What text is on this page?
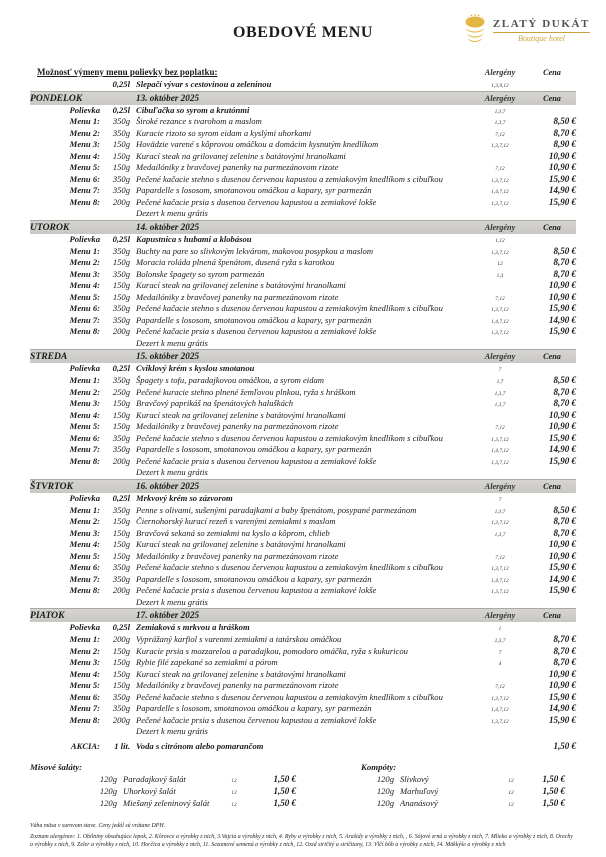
OBEDOVÉ MENU
ZLATÝ DUKÁT
Boutique hotel
Možnosť výmeny menu polievky bez poplatku:	Alergény	Cena
0,25l Slepačí vývar s cestovinou a zeleninou	1,3,9,12
PONDELOK	13. október 2025	Alergény	Cena
Polievka	0,25l Cibuľačka so syrom a krutónmi	1,3,7
Menu 1:	350g Široké rezance s tvarohom a maslom	1,3,7	8,50 €
Menu 2:	350g Kuracie rizoto so syrom eidam a kyslými uhorkami	7,12	8,70 €
Menu 3:	150g Hovädzie varené s kôprovou omáčkou a domácim kysnutým knedlíkom	1,3,7,12	8,90 €
Menu 4:	150g Kurací steak na grilovanej zelenine s batátovými hranolkami	10,90 €
Menu 5:	150g Medailóniky z bravčovej panenky na parmezánovom rizote	7,12	10,90 €
Menu 6:	350g Pečené kačacie stehno s dusenou červenou kapustou a zemiakovým knedlíkom s cibuľkou	1,3,7,12	15,90 €
Menu 7:	350g Papardelle s lososom, smotanovou omáčkou a kapary, syr parmezán	1,4,7,12	14,90 €
Menu 8:	200g Pečené kačacie prsia s dusenou červenou kapustou a zemiakové lokše	1,3,7,12	15,90 €
Dezert k menu grátis
UTOROK	14. október 2025	Alergény	Cena
Polievka	0,25l Kapustnica s hubami a klobásou	1,12
Menu 1:	350g Buchty na pare so slivkovým lekvárom, makovou posypkou a maslom	1,3,7,12	8,50 €
Menu 2:	150g Moracia roláda plnená špenátom, dusená ryža s karotkou	12	8,70 €
Menu 3:	350g Bolonske špagety so syrom parmezán	1,3	8,70 €
Menu 4:	150g Kurací steak na grilovanej zelenine s batátovými hranolkami	10,90 €
Menu 5:	150g Medailóniky z bravčovej panenky na parmezánovom rizote	7,12	10,90 €
Menu 6:	350g Pečené kačacie stehno s dusenou červenou kapustou a zemiakovým knedlíkom s cibuľkou	1,3,7,12	15,90 €
Menu 7:	350g Papardelle s lososom, smotanovou omáčkou a kapary, syr parmezán	1,4,7,12	14,90 €
Menu 8:	200g Pečené kačacie prsia s dusenou červenou kapustou a zemiakové lokše	1,3,7,12	15,90 €
Dezert k menu grátis
STREDA	15. október 2025	Alergény	Cena
Polievka	0,25l Cviklový krém s kyslou smotanou	7
Menu 1:	350g Špagety s tofu, paradajkovou omáčkou, a syrom eidam	1,7	8,50 €
Menu 2:	250g Pečené kuracie stehno plnené žemľovou plnkou, ryža s hráškom	1,3,7	8,70 €
Menu 3:	150g Bravčový paprikáš na špenátových haluškách	1,3,7	8,70 €
Menu 4:	150g Kurací steak na grilovanej zelenine s batátovými hranolkami	10,90 €
Menu 5:	150g Medailóniky z bravčovej panenky na parmezánovom rizote	7,12	10,90 €
Menu 6:	350g Pečené kačacie stehno s dusenou červenou kapustou a zemiakovým knedlíkom s cibuľkou	1,3,7,12	15,90 €
Menu 7:	350g Papardelle s lososom, smotanovou omáčkou a kapary, syr parmezán	1,4,7,12	14,90 €
Menu 8:	200g Pečené kačacie prsia s dusenou červenou kapustou a zemiakové lokše	1,3,7,12	15,90 €
Dezert k menu grátis
ŠTVRTOK	16. október 2025	Alergény	Cena
Polievka	0,25l Mrkvový krém so zázvorom	7
Menu 1:	350g Penne s olivami, sušenými paradajkami a baby špenátom, posypané parmezánom	1,3,7	8,50 €
Menu 2:	150g Čiernohorský kurací rezeň s varenými zemiakmi s maslom	1,3,7,12	8,70 €
Menu 3:	150g Bravčová sekaná so zemiakmi na kyslo a kôprom, chlieb	1,3,7	8,70 €
Menu 4:	150g Kurací steak na grilovanej zelenine s batátovými hranolkami	10,90 €
Menu 5:	150g Medailóniky z bravčovej panenky na parmezánovom rizote	7,12	10,90 €
Menu 6:	350g Pečené kačacie stehno s dusenou červenou kapustou a zemiakovým knedlíkom s cibuľkou	1,3,7,12	15,90 €
Menu 7:	350g Papardelle s lososom, smotanovou omáčkou a kapary, syr parmezán	1,4,7,12	14,90 €
Menu 8:	200g Pečené kačacie prsia s dusenou červenou kapustou a zemiakové lokše	1,3,7,12	15,90 €
Dezert k menu grátis
PIATOK	17. október 2025	Alergény	Cena
Polievka	0,25l Zemiaková s mrkvou a hráškom	1
Menu 1:	200g Vyprážaný karfiol s varenmi zemiakmi a tatárskou omáčkou	1,3,7	8,70 €
Menu 2:	150g Kuracie prsia s mozzarelou a paradajkou, pomodoro omáčka, ryža s kukuricou	7	8,70 €
Menu 3:	150g Rybie filé zapekané so zemiakmi a pórom	4	8,70 €
Menu 4:	150g Kurací steak na grilovanej zelenine s batátovými hranolkami	10,90 €
Menu 5:	150g Medailóniky z bravčovej panenky na parmezánovom rizote	7,12	10,90 €
Menu 6:	350g Pečené kačacie stehno s dusenou červenou kapustou a zemiakovým knedlíkom s cibuľkou	1,3,7,12	15,90 €
Menu 7:	350g Papardelle s lososom, smotanovou omáčkou a kapary, syr parmezán	1,4,7,12	14,90 €
Menu 8:	200g Pečené kačacie prsia s dusenou červenou kapustou a zemiakové lokše	1,3,7,12	15,90 €
Dezert k menu grátis
AKCIA:	1 lit. Voda s citrónom alebo pomarančom	1,50 €
Misové šaláty:
120g Paradajkový šalát	12	1,50 €
120g Uhorkový šalát	12	1,50 €
120g Miešaný zeleninový šalát	12	1,50 €
Kompóty:
120g Slivkový	12	1,50 €
120g Marhuľový	12	1,50 €
120g Ananásový	12	1,50 €
Váha mäsa v surovom stave. Ceny jedál sú vrátane DPH.
Zoznam alergénov: 1. Obilniny obsahujúce lepok, 2. Kôrovce a výrobky z nich, 3.Vajcia a výrobky z nich, 4. Ryby a výrobky z nich, 5. Arašidy a výrobky z nich, , 6. Sójové zrná a výrobky z nich, 7. Mlieko a výrobky z nich, 8. Orechy a výrobky z nich, 9. Zeler a výrobky z nich, 10. Horčica a výrobky z nich, 11. Sezamové semená a výrobky z nich, 12. Oxid siričitý a siričitany, 13. Vlčí bôb a výrobky z nich, 14. Mäkkýše a výrobky z nich
